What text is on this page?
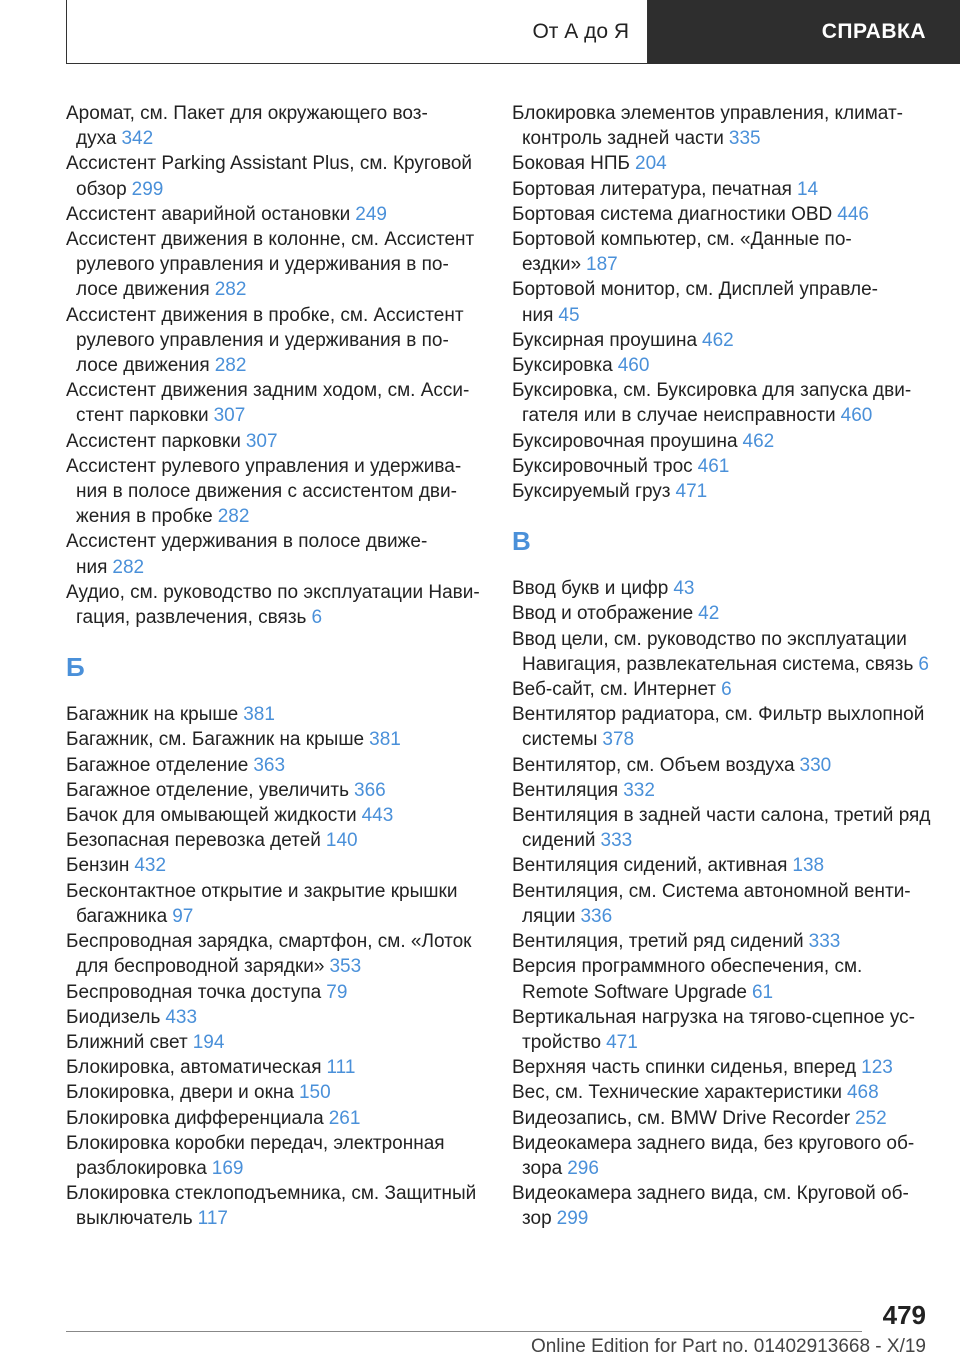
От А до Я	СПРАВКА

Аромат, см. Пакет для окружающего воз-духа 342

Ассистент Parking Assistant Plus, см. Круговой обзор 299

Ассистент аварийной остановки 249

Ассистент движения в колонне, см. Ассистент рулевого управления и удерживания в по-лосе движения 282

Ассистент движения в пробке, см. Ассистент рулевого управления и удерживания в по-лосе движения 282

Ассистент движения задним ходом, см. Асси-стент парковки 307

Ассистент парковки 307

Ассистент рулевого управления и удержива-ния в полосе движения с ассистентом дви-жения в пробке 282

Ассистент удерживания в полосе движе-ния 282

Аудио, см. руководство по эксплуатации Нави-гация, развлечения, связь 6

Б

Багажник на крыше 381

Багажник, см. Багажник на крыше 381

Багажное отделение 363

Багажное отделение, увеличить 366

Бачок для омывающей жидкости 443

Безопасная перевозка детей 140

Бензин 432

Бесконтактное открытие и закрытие крышки багажника 97

Беспроводная зарядка, смартфон, см. «Лоток для беспроводной зарядки» 353

Беспроводная точка доступа 79

Биодизель 433

Ближний свет 194

Блокировка, автоматическая 111

Блокировка, двери и окна 150

Блокировка дифференциала 261

Блокировка коробки передач, электронная разблокировка 169

Блокировка стеклоподъемника, см. Защитный выключатель 117

Блокировка элементов управления, климат-контроль задней части 335

Боковая НПБ 204

Бортовая литература, печатная 14

Бортовая система диагностики OBD 446

Бортовой компьютер, см. «Данные по-ездки» 187

Бортовой монитор, см. Дисплей управле-ния 45

Буксирная проушина 462

Буксировка 460

Буксировка, см. Буксировка для запуска дви-гателя или в случае неисправности 460

Буксировочная проушина 462

Буксировочный трос 461

Буксируемый груз 471

В

Ввод букв и цифр 43

Ввод и отображение 42

Ввод цели, см. руководство по эксплуатации Навигация, развлекательная система, связь 6

Веб-сайт, см. Интернет 6

Вентилятор радиатора, см. Фильтр выхлопной системы 378

Вентилятор, см. Объем воздуха 330

Вентиляция 332

Вентиляция в задней части салона, третий ряд сидений 333

Вентиляция сидений, активная 138

Вентиляция, см. Система автономной венти-ляции 336

Вентиляция, третий ряд сидений 333

Версия программного обеспечения, см. Remote Software Upgrade 61

Вертикальная нагрузка на тягово-сцепное ус-тройство 471

Верхняя часть спинки сиденья, вперед 123

Вес, см. Технические характеристики 468

Видеозапись, см. BMW Drive Recorder 252

Видеокамера заднего вида, без кругового об-зора 296

Видеокамера заднего вида, см. Круговой об-зор 299

479
Online Edition for Part no. 01402913668 - X/19
